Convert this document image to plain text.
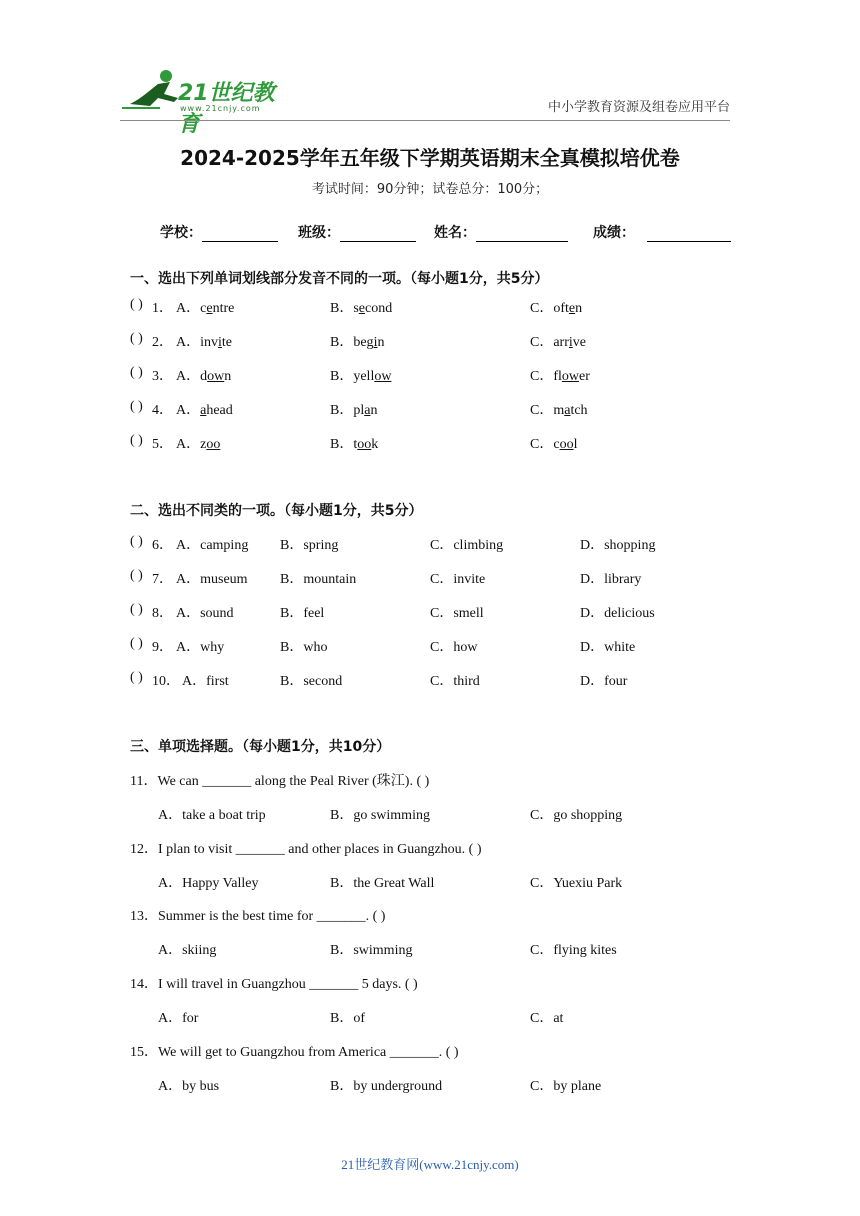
21世纪教育
www.21cnjy.com	中小学教育资源及组卷应用平台
2024-2025学年五年级下学期英语期末全真模拟培优卷
考试时间：90分钟；试卷总分：100分；
学校：	班级：	姓名：	成绩：
一、选出下列单词划线部分发音不同的一项。（每小题1分，共5分）
( ) 1． A．centre	B．second	C．often
( ) 2． A．invite	B．begin	C．arrive
( ) 3． A．down	B．yellow	C．flower
( ) 4． A．ahead	B．plan	C．match
( ) 5． A．zoo	B．took	C．cool
二、选出不同类的一项。（每小题1分，共5分）
( ) 6． A．camping B．spring	C．climbing	D．shopping
( ) 7． A．museum B．mountain	C．invite	D．library
( ) 8． A．sound	B．feel	C．smell	D．delicious
( ) 9． A．why	B．who	C．how	D．white
( ) 10． A．first	B．second	C．third	D．four
三、单项选择题。（每小题1分，共10分）
11．We can _______ along the Peal River (珠江). ( )
A．take a boat trip	B．go swimming	C．go shopping
12．I plan to visit _______ and other places in Guangzhou. ( )
A．Happy Valley	B．the Great Wall	C．Yuexiu Park
13．Summer is the best time for _______. ( )
A．skiing	B．swimming	C．flying kites
14．I will travel in Guangzhou _______ 5 days. ( )
A．for	B．of	C．at
15．We will get to Guangzhou from America _______. ( )
A．by bus	B．by underground	C．by plane
21世纪教育网(www.21cnjy.com)
